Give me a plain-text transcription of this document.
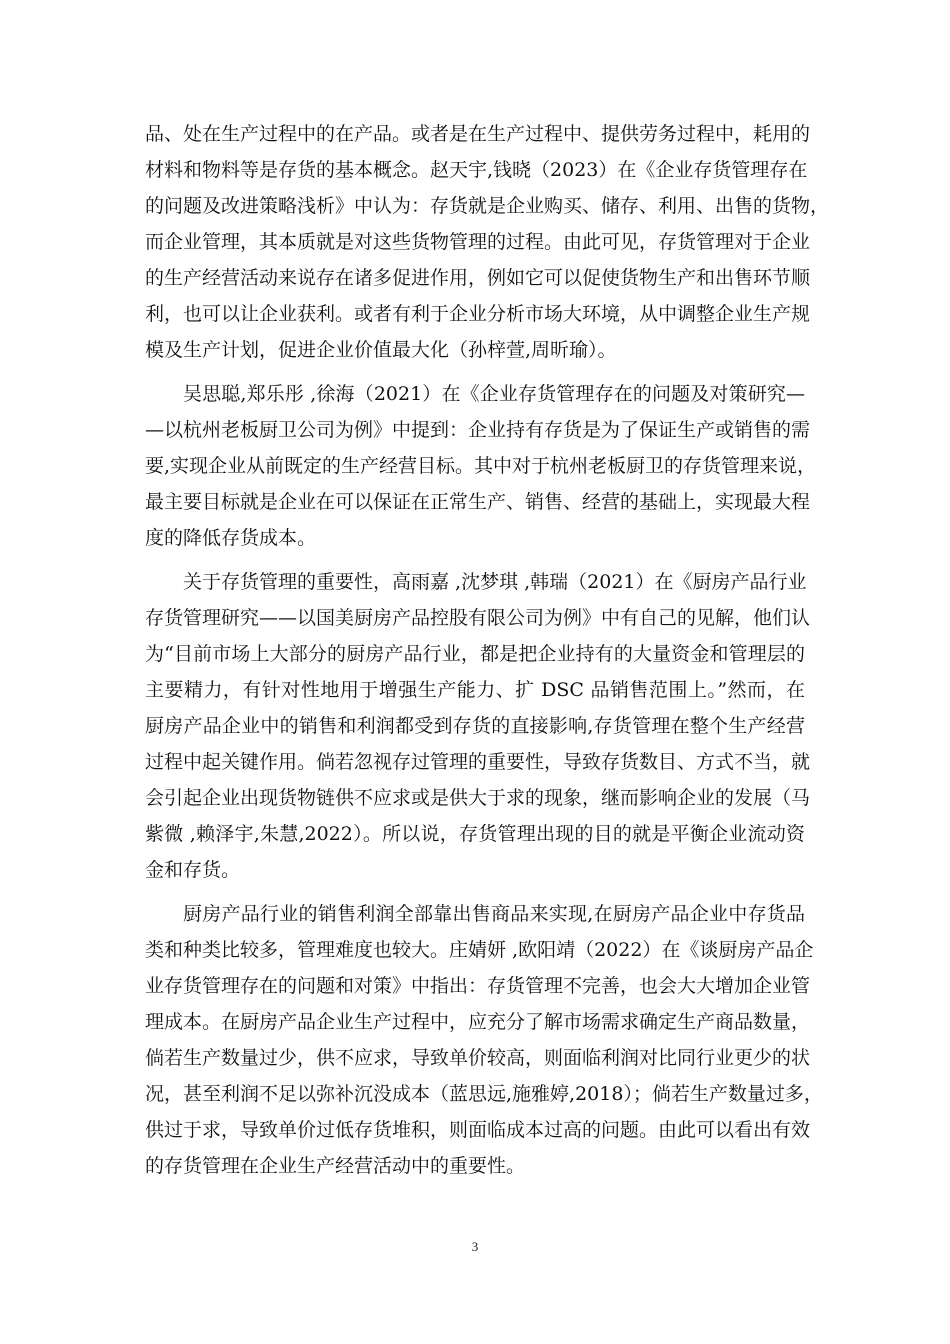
品、处在生产过程中的在产品。或者是在生产过程中、提供劳务过程中，耗用的
材料和物料等是存货的基本概念。赵天宇,钱晓（2023）在《企业存货管理存在
的问题及改进策略浅析》中认为：存货就是企业购买、储存、利用、出售的货物，
而企业管理，其本质就是对这些货物管理的过程。由此可见，存货管理对于企业
的生产经营活动来说存在诸多促进作用，例如它可以促使货物生产和出售环节顺
利，也可以让企业获利。或者有利于企业分析市场大环境，从中调整企业生产规
模及生产计划，促进企业价值最大化（孙梓萱,周昕瑜）。
吴思聪,郑乐彤 ,徐海（2021）在《企业存货管理存在的问题及对策研究—
—以杭州老板厨卫公司为例》中提到：企业持有存货是为了保证生产或销售的需
要,实现企业从前既定的生产经营目标。其中对于杭州老板厨卫的存货管理来说，
最主要目标就是企业在可以保证在正常生产、销售、经营的基础上，实现最大程
度的降低存货成本。
关于存货管理的重要性，高雨嘉 ,沈梦琪 ,韩瑞（2021）在《厨房产品行业
存货管理研究——以国美厨房产品控股有限公司为例》中有自己的见解，他们认
为“目前市场上大部分的厨房产品行业，都是把企业持有的大量资金和管理层的
主要精力，有针对性地用于增强生产能力、扩 DSC 品销售范围上。”然而，在
厨房产品企业中的销售和利润都受到存货的直接影响,存货管理在整个生产经营
过程中起关键作用。倘若忽视存过管理的重要性，导致存货数目、方式不当，就
会引起企业出现货物链供不应求或是供大于求的现象，继而影响企业的发展（马
紫微 ,赖泽宇,朱慧,2022）。所以说，存货管理出现的目的就是平衡企业流动资
金和存货。
厨房产品行业的销售利润全部靠出售商品来实现,在厨房产品企业中存货品
类和种类比较多，管理难度也较大。庄婧妍 ,欧阳靖（2022）在《谈厨房产品企
业存货管理存在的问题和对策》中指出：存货管理不完善，也会大大增加企业管
理成本。在厨房产品企业生产过程中，应充分了解市场需求确定生产商品数量，
倘若生产数量过少，供不应求，导致单价较高，则面临利润对比同行业更少的状
况，甚至利润不足以弥补沉没成本（蓝思远,施雅婷,2018）；倘若生产数量过多，
供过于求，导致单价过低存货堆积，则面临成本过高的问题。由此可以看出有效
的存货管理在企业生产经营活动中的重要性。
3
